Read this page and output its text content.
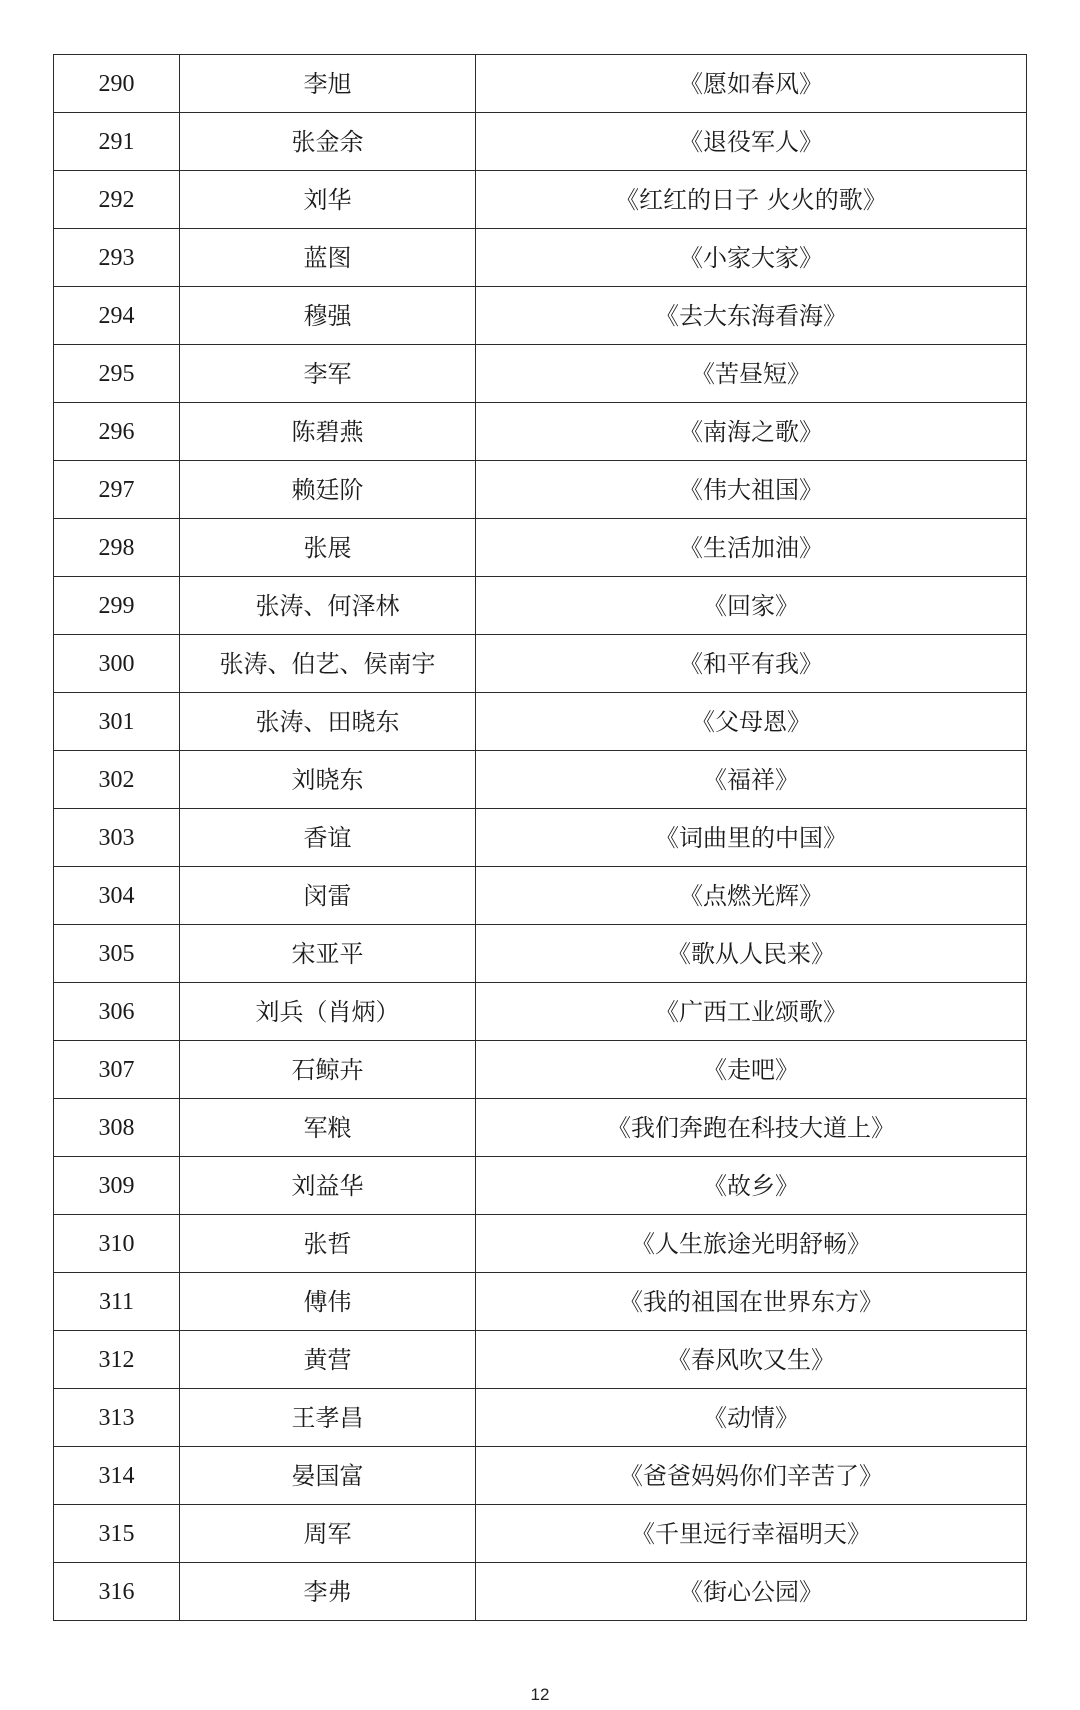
290	李旭	《愿如春风》
291	张金余	《退役军人》
292	刘华	《红红的日子 火火的歌》
293	蓝图	《小家大家》
294	穆强	《去大东海看海》
295	李军	《苦昼短》
296	陈碧燕	《南海之歌》
297	赖廷阶	《伟大祖国》
298	张展	《生活加油》
299	张涛、何泽林	《回家》
300	张涛、伯艺、侯南宇	《和平有我》
301	张涛、田晓东	《父母恩》
302	刘晓东	《福祥》
303	香谊	《词曲里的中国》
304	闵雷	《点燃光辉》
305	宋亚平	《歌从人民来》
306	刘兵（肖炳）	《广西工业颂歌》
307	石鲸卉	《走吧》
308	军粮	《我们奔跑在科技大道上》
309	刘益华	《故乡》
310	张哲	《人生旅途光明舒畅》
311	傅伟	《我的祖国在世界东方》
312	黄营	《春风吹又生》
313	王孝昌	《动情》
314	晏国富	《爸爸妈妈你们辛苦了》
315	周军	《千里远行幸福明天》
316	李弗	《街心公园》
12
